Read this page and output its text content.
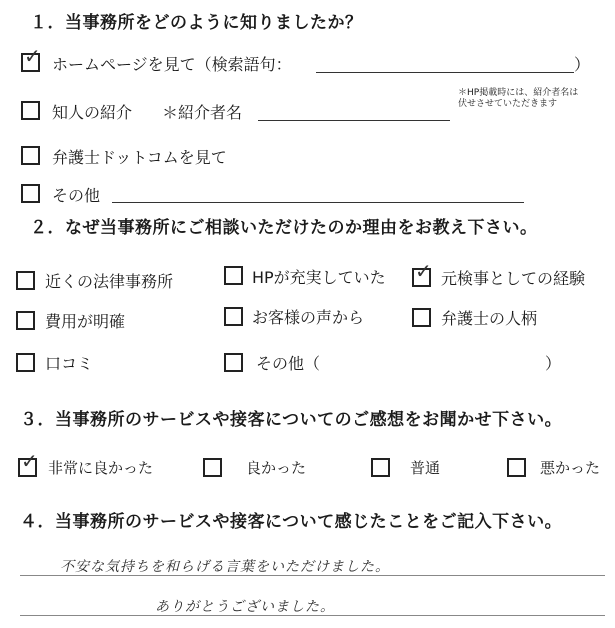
１．当事務所をどのように知りましたか？
✓ ホームページを見て（検索語句：	）
知人の紹介 ＊紹介者名
＊HP掲載時には、紹介者名は
伏せさせていただきます
弁護士ドットコムを見て
その他
２．なぜ当事務所にご相談いただけたのか理由をお教え下さい。
近くの法律事務所	HPが充実していた ✓ 元検事としての経験
費用が明確	お客様の声から	弁護士の人柄
口コミ	その他（	）
３．当事務所のサービスや接客についてのご感想をお聞かせ下さい。
✓ 非常に良かった	良かった	普通	悪かった
４．当事務所のサービスや接客について感じたことをご記入下さい。
不安な気持ちを和らげる言葉をいただけました。
ありがとうございました。
